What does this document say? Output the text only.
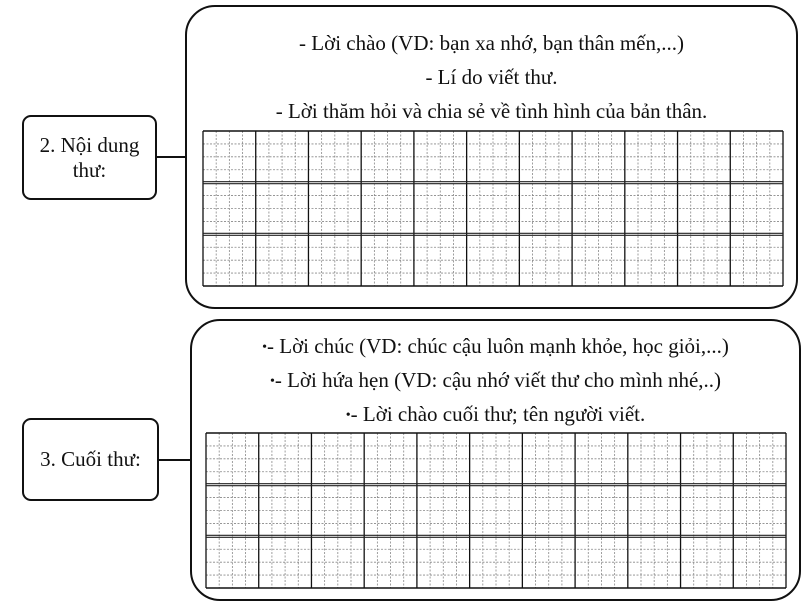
2. Nội dung
thư:
- Lời chào (VD: bạn xa nhớ, bạn thân mến,...)
- Lí do viết thư.
- Lời thăm hỏi và chia sẻ về tình hình của bản thân.
3. Cuối thư:
•- Lời chúc (VD: chúc cậu luôn mạnh khỏe, học giỏi,...)
•- Lời hứa hẹn (VD: cậu nhớ viết thư cho mình nhé,..)
•- Lời chào cuối thư; tên người viết.
